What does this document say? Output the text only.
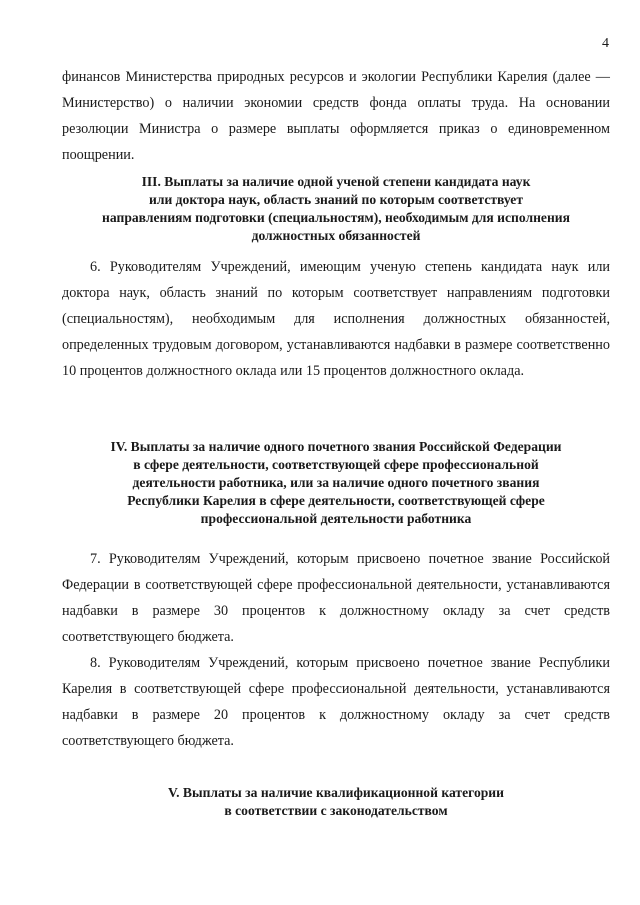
4

финансов Министерства природных ресурсов и экологии Республики Карелия (далее — Министерство) о наличии экономии средств фонда оплаты труда. На основании резолюции Министра о размере выплаты оформляется приказ о единовременном поощрении.

III. Выплаты за наличие одной ученой степени кандидата наук
или доктора наук, область знаний по которым соответствует
направлениям подготовки (специальностям), необходимым для исполнения
должностных обязанностей

6. Руководителям Учреждений, имеющим ученую степень кандидата наук или доктора наук, область знаний по которым соответствует направлениям подготовки (специальностям), необходимым для исполнения должностных обязанностей, определенных трудовым договором, устанавливаются надбавки в размере соответственно 10 процентов должностного оклада или 15 процентов должностного оклада.

IV. Выплаты за наличие одного почетного звания Российской Федерации
в сфере деятельности, соответствующей сфере профессиональной
деятельности работника, или за наличие одного почетного звания
Республики Карелия в сфере деятельности, соответствующей сфере
профессиональной деятельности работника

7. Руководителям Учреждений, которым присвоено почетное звание Российской Федерации в соответствующей сфере профессиональной деятельности, устанавливаются надбавки в размере 30 процентов к должностному окладу за счет средств соответствующего бюджета.

8. Руководителям Учреждений, которым присвоено почетное звание Республики Карелия в соответствующей сфере профессиональной деятельности, устанавливаются надбавки в размере 20 процентов к должностному окладу за счет средств соответствующего бюджета.

V. Выплаты за наличие квалификационной категории
в соответствии с законодательством
